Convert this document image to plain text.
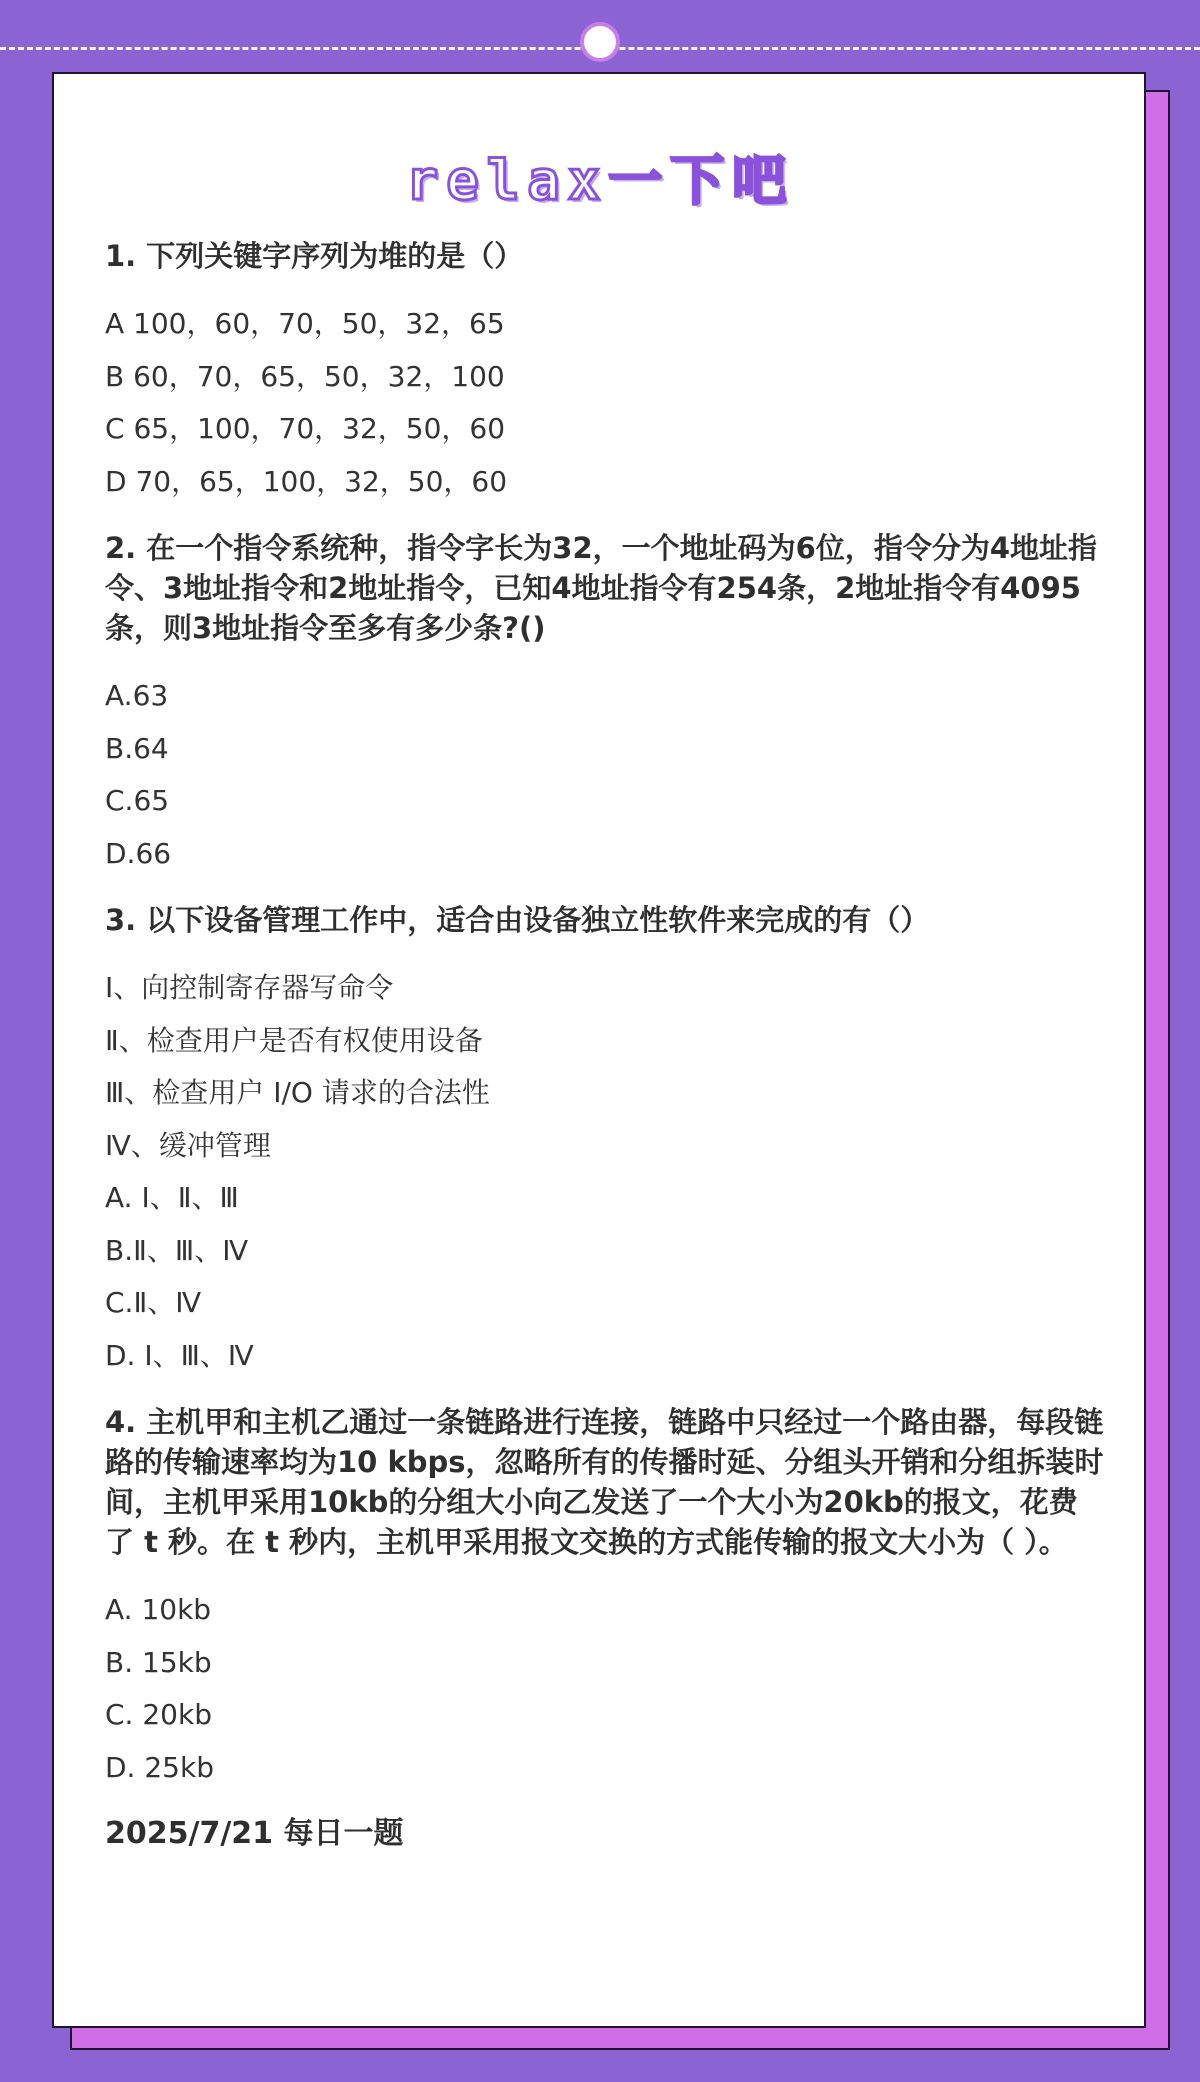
relax一下吧
1. 下列关键字序列为堆的是（）
A 100，60，70，50，32，65
B 60，70，65，50，32，100
C 65，100，70，32，50，60
D 70，65，100，32，50，60
2. 在一个指令系统种，指令字长为32，一个地址码为6位，指令分为4地址指令、3地址指令和2地址指令，已知4地址指令有254条，2地址指令有4095条，则3地址指令至多有多少条?()
A.63
B.64
C.65
D.66
3. 以下设备管理工作中，适合由设备独立性软件来完成的有（）
Ⅰ、向控制寄存器写命令
Ⅱ、检查用户是否有权使用设备
Ⅲ、检查用户 I/O 请求的合法性
Ⅳ、缓冲管理
A. Ⅰ、Ⅱ、Ⅲ
B.Ⅱ、Ⅲ、Ⅳ
C.Ⅱ、Ⅳ
D. Ⅰ、Ⅲ、Ⅳ
4. 主机甲和主机乙通过一条链路进行连接，链路中只经过一个路由器，每段链路的传输速率均为10 kbps，忽略所有的传播时延、分组头开销和分组拆装时间，主机甲采用10kb的分组大小向乙发送了一个大小为20kb的报文，花费了 t 秒。在 t 秒内，主机甲采用报文交换的方式能传输的报文大小为（ ）。
A. 10kb
B. 15kb
C. 20kb
D. 25kb
2025/7/21 每日一题
